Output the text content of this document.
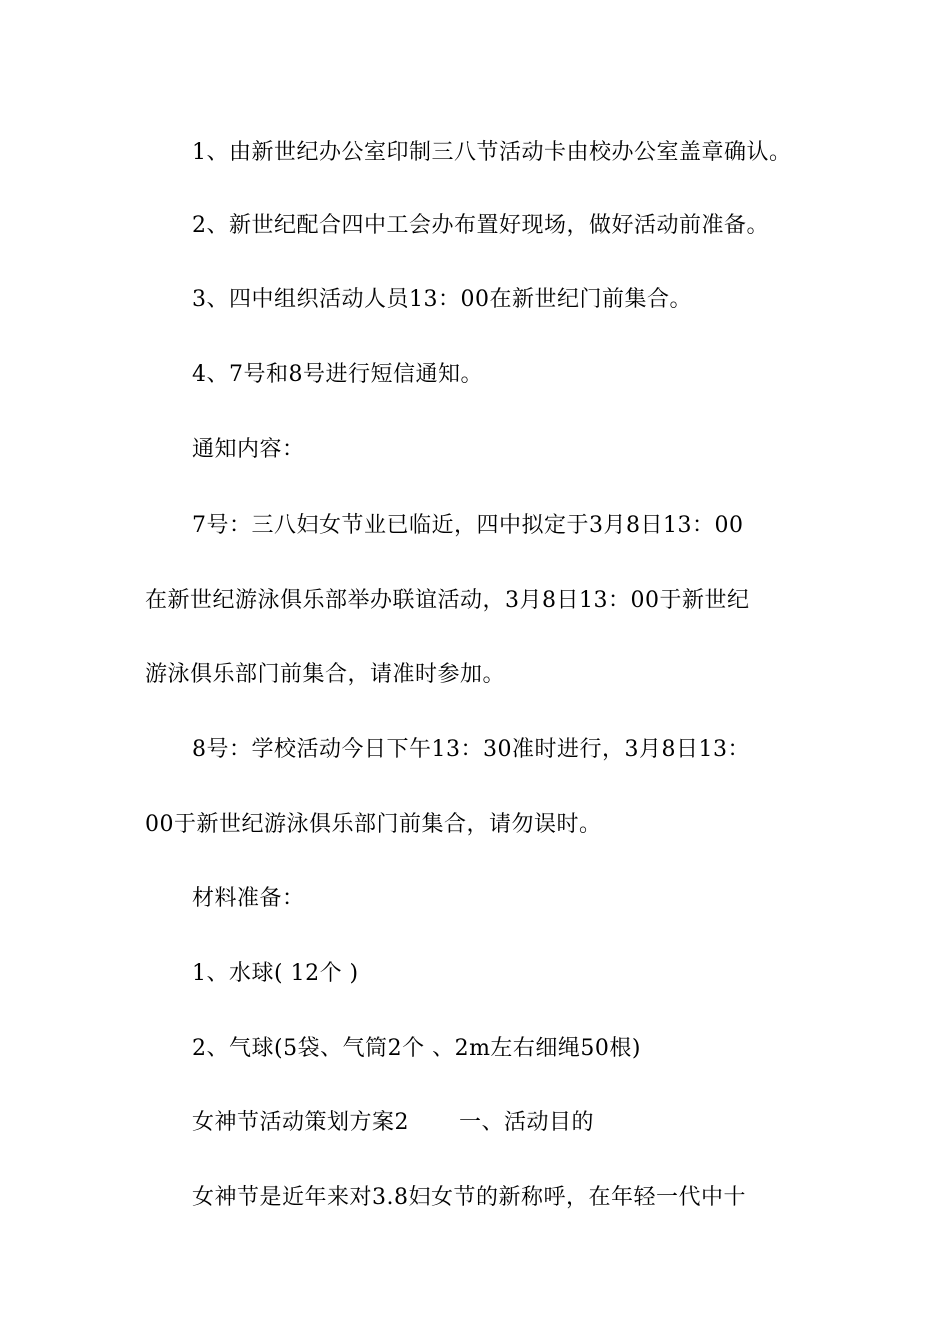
1、由新世纪办公室印制三八节活动卡由校办公室盖章确认。
2、新世纪配合四中工会办布置好现场，做好活动前准备。
3、四中组织活动人员13：00在新世纪门前集合。
4、7号和8号进行短信通知。
通知内容：
7号：三八妇女节业已临近，四中拟定于3月8日13：00
在新世纪游泳俱乐部举办联谊活动，3月8日13：00于新世纪
游泳俱乐部门前集合，请准时参加。
8号：学校活动今日下午13：30准时进行，3月8日13：
00于新世纪游泳俱乐部门前集合，请勿误时。
材料准备：
1、水球( 12个 )
2、气球(5袋、气筒2个 、2m左右细绳50根)
女神节活动策划方案2 一、活动目的
女神节是近年来对3.8妇女节的新称呼，在年轻一代中十
